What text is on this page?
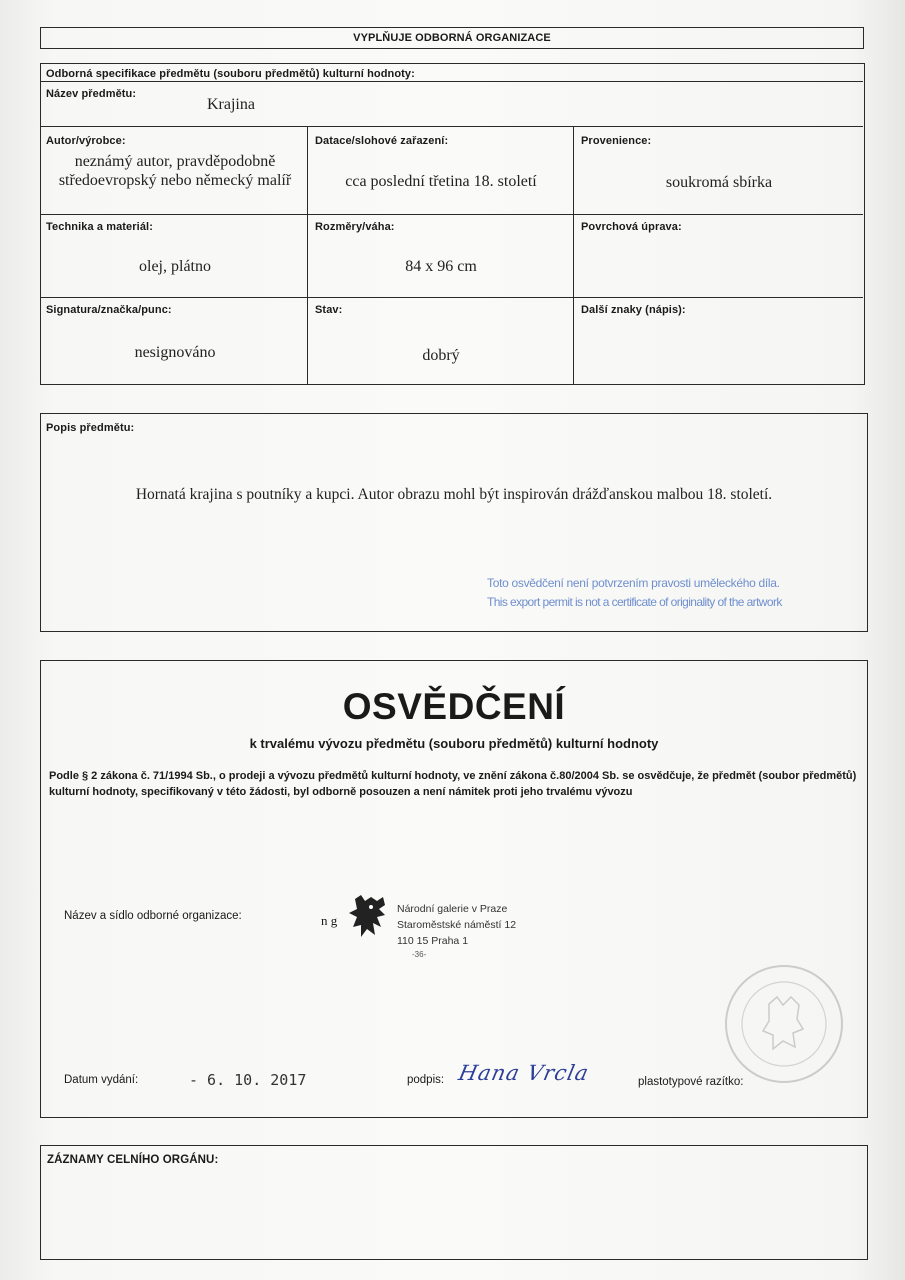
VYPLŇUJE ODBORNÁ ORGANIZACE
Odborná specifikace předmětu (souboru předmětů) kulturní hodnoty:
Název předmětu:
Krajina
Autor/výrobce:
neznámý autor, pravděpodobně středoevropský nebo německý malíř
Datace/slohové zařazení:
cca poslední třetina 18. století
Provenience:
soukromá sbírka
Technika a materiál:
olej, plátno
Rozměry/váha:
84 x 96 cm
Povrchová úprava:
Signatura/značka/punc:
nesignováno
Stav:
dobrý
Další znaky (nápis):
Popis předmětu:
Hornatá krajina s poutníky a kupci. Autor obrazu mohl být inspirován drážďanskou malbou 18. století.
Toto osvědčení není potvrzením pravosti uměleckého díla.
This export permit is not a certificate of originality of the artwork
OSVĚDČENÍ
k trvalému vývozu předmětu (souboru předmětů) kulturní hodnoty
Podle § 2 zákona č. 71/1994 Sb., o prodeji a vývozu předmětů kulturní hodnoty, ve znění zákona č.80/2004 Sb. se osvědčuje, že předmět (soubor předmětů) kulturní hodnoty, specifikovaný v této žádosti, byl odborně posouzen a není námitek proti jeho trvalému vývozu
Název a sídlo odborné organizace:	n g
Národní galerie v Praze
Staroměstské náměstí 12
110 15 Praha 1
-36-
Datum vydání:	- 6. 10. 2017	podpis: Hana Vrcla	plastotypové razítko:
ZÁZNAMY CELNÍHO ORGÁNU:
